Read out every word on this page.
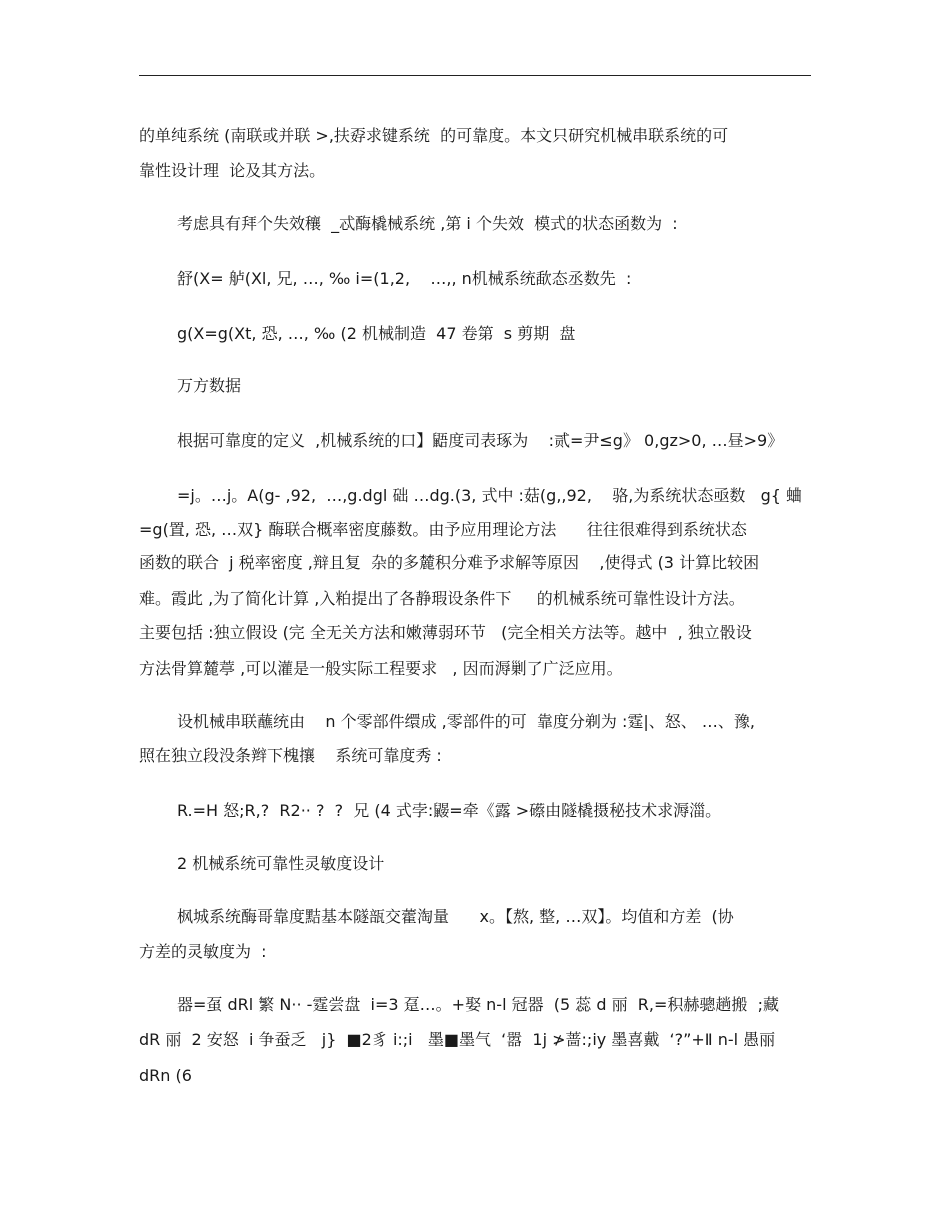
的单纯系统 (南联或并联 >,扶孬求键系统  的可靠度。本文只研究机械串联系统的可
靠性设计理  论及其方法。
考虑具有拜个失效穰  _忒酶橇械系统 ,第 i 个失效  模式的状态函数为  :
舒(X= 舻(Xl, 兄, …, ‰ i=(1,2,    …,, n机械系统歃态丞数先  :
g(X=g(Xt, 恐, …, ‰ (2 机械制造  47 卷第  s 剪期  盘
万方数据
根据可靠度的定义  ,机械系统的口】鼯度司表琢为    :贰=尹≤g》 0,gz>0, …昼>9》
=j。…j。A(g- ,92,  …,g.dgl 础 …dg.(3, 式中 :菇(g,,92,    骆,为系统状态亟数   g{ 蛐
=g(置, 恐, …双} 酶联合概率密度藤数。由予应用理论方法      往往很难得到系统状态
函数的联合  j 税率密度 ,辩且复  杂的多麓积分难予求解等原因    ,使得式 (3 计算比较困
难。霞此 ,为了简化计算 ,入粕提出了各静瑕设条件下     的机械系统可靠性设计方法。
主要包括 :独立假设 (完 全无关方法和嫩薄弱环节   (完全相关方法等。越中  , 独立骰设
方法骨算麓葶 ,可以灌是一般实际工程要求   , 因而溽剿了广泛应用。
设机械串联蘸统由    n 个零部件缳成 ,零部件的可  靠度分剃为 :霆|、怒、 …、豫,
照在独立段没条辫下槐攘    系统可靠度秀 :
R.=H 怒;R,?  R2·· ?  ?  兄 (4 式孛:鼹=牵《露 >礤由隧橇摄秘技术求溽湽。
2 机械系统可靠性灵敏度设计
枫城系统酶哥靠度黠基本隧瓿交藿淘量      x。【熬, 整, …双】。均值和方差  (协
方差的灵敏度为  :
器=虿 dRl 繁 N·· -霆尝盘  i=3 趸…。+娶 n-l 冠器  (5 蕊 d 丽  R,=积赫骢趟搬  ;藏
dR 丽  2 安怒  i 争蚕乏   j}  ■2豸 i:;i   墨■墨气  ‘嚣  1j ≯蔷:;iy 墨喜戴  ‘?”+Ⅱ n-l 愚丽
dRn (6
